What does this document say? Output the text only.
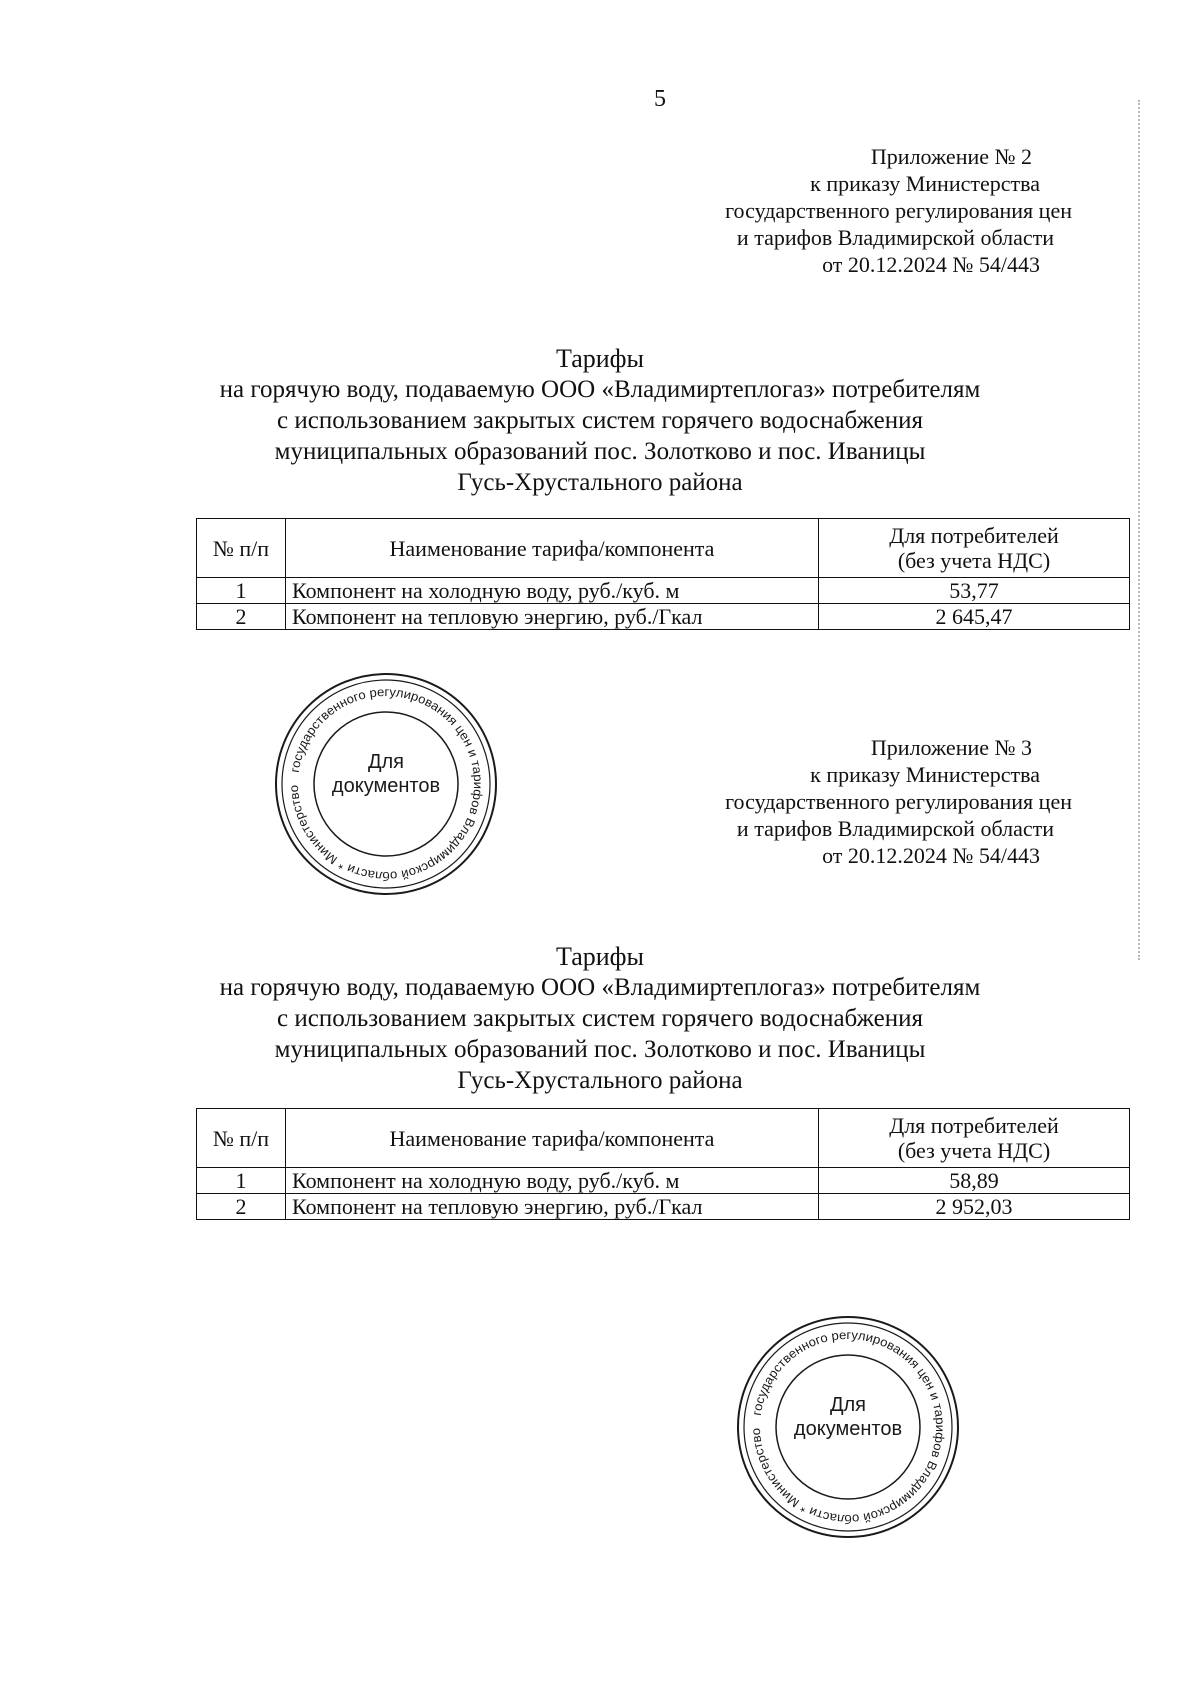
5
Приложение № 2
к приказу Министерства
государственного регулирования цен
и тарифов Владимирской области
от 20.12.2024 № 54/443
Тарифы
на горячую воду, подаваемую ООО «Владимиртеплогаз» потребителям
с использованием закрытых систем горячего водоснабжения
муниципальных образований пос. Золотково и пос. Иваницы
Гусь-Хрустального района
№ п/п	Наименование тарифа/компонента	Для потребителей
(без учета НДС)

1	Компонент на холодную воду, руб./куб. м	53,77
2	Компонент на тепловую энергию, руб./Гкал	2 645,47
государственного регулирования цен и тарифов Владимирской области * Министерство
Для
документов
Приложение № 3
к приказу Министерства
государственного регулирования цен
и тарифов Владимирской области
от 20.12.2024 № 54/443
Тарифы
на горячую воду, подаваемую ООО «Владимиртеплогаз» потребителям
с использованием закрытых систем горячего водоснабжения
муниципальных образований пос. Золотково и пос. Иваницы
Гусь-Хрустального района
№ п/п	Наименование тарифа/компонента	Для потребителей
(без учета НДС)

1	Компонент на холодную воду, руб./куб. м	58,89
2	Компонент на тепловую энергию, руб./Гкал	2 952,03
государственного регулирования цен и тарифов Владимирской области * Министерство
Для
документов
